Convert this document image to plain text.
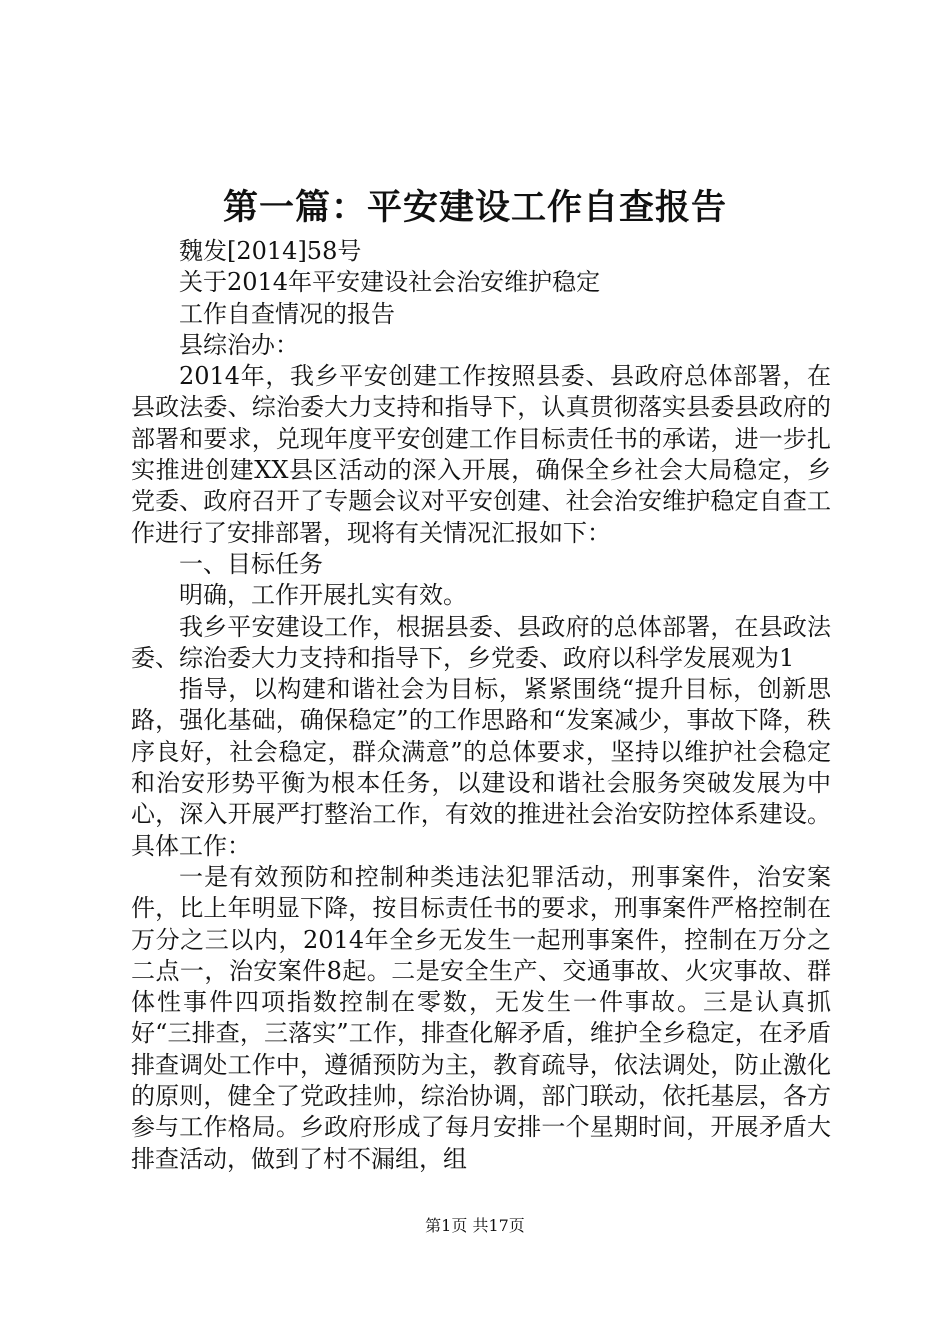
第一篇：平安建设工作自查报告

魏发[2014]58号

关于2014年平安建设社会治安维护稳定

工作自查情况的报告

县综治办：

2014年，我乡平安创建工作按照县委、县政府总体部署，在县政法委、综治委大力支持和指导下，认真贯彻落实县委县政府的部署和要求，兑现年度平安创建工作目标责任书的承诺，进一步扎实推进创建XX县区活动的深入开展，确保全乡社会大局稳定，乡党委、政府召开了专题会议对平安创建、社会治安维护稳定自查工作进行了安排部署，现将有关情况汇报如下：

一、目标任务

明确，工作开展扎实有效。

我乡平安建设工作，根据县委、县政府的总体部署，在县政法委、综治委大力支持和指导下，乡党委、政府以科学发展观为1

指导，以构建和谐社会为目标，紧紧围绕“提升目标，创新思路，强化基础，确保稳定”的工作思路和“发案减少，事故下降，秩序良好，社会稳定，群众满意”的总体要求，坚持以维护社会稳定和治安形势平衡为根本任务，以建设和谐社会服务突破发展为中心，深入开展严打整治工作，有效的推进社会治安防控体系建设。具体工作：

一是有效预防和控制种类违法犯罪活动，刑事案件，治安案件，比上年明显下降，按目标责任书的要求，刑事案件严格控制在万分之三以内，2014年全乡无发生一起刑事案件，控制在万分之二点一，治安案件8起。二是安全生产、交通事故、火灾事故、群体性事件四项指数控制在零数，无发生一件事故。三是认真抓好“三排查，三落实”工作，排查化解矛盾，维护全乡稳定，在矛盾排查调处工作中，遵循预防为主，教育疏导，依法调处，防止激化的原则，健全了党政挂帅，综治协调，部门联动，依托基层，各方参与工作格局。乡政府形成了每月安排一个星期时间，开展矛盾大排查活动，做到了村不漏组，组

第1页 共17页
